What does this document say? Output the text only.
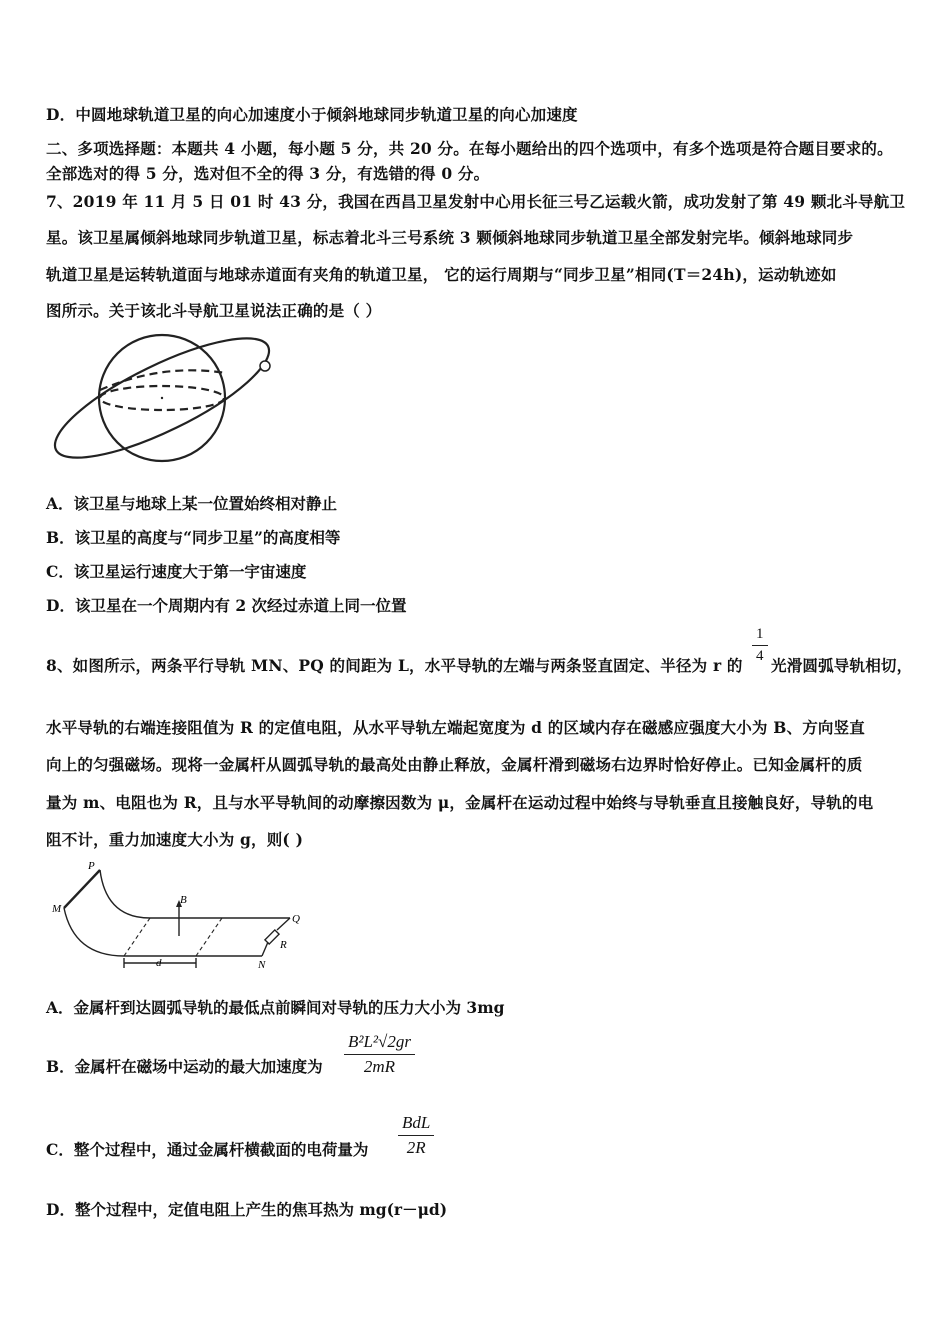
D．中圆地球轨道卫星的向心加速度小于倾斜地球同步轨道卫星的向心加速度
二、多项选择题：本题共 4 小题，每小题 5 分，共 20 分。在每小题给出的四个选项中，有多个选项是符合题目要求的。
全部选对的得 5 分，选对但不全的得 3 分，有选错的得 0 分。
7、2019 年 11 月 5 日 01 时 43 分，我国在西昌卫星发射中心用长征三号乙运载火箭，成功发射了第 49 颗北斗导航卫
星。该卫星属倾斜地球同步轨道卫星，标志着北斗三号系统 3 颗倾斜地球同步轨道卫星全部发射完毕。倾斜地球同步
轨道卫星是运转轨道面与地球赤道面有夹角的轨道卫星， 它的运行周期与“同步卫星”相同(T＝24h)，运动轨迹如
图所示。关于该北斗导航卫星说法正确的是（ ）
A．该卫星与地球上某一位置始终相对静止
B．该卫星的高度与“同步卫星”的高度相等
C．该卫星运行速度大于第一宇宙速度
D．该卫星在一个周期内有 2 次经过赤道上同一位置
8、如图所示，两条平行导轨 MN、PQ 的间距为 L，水平导轨的左端与两条竖直固定、半径为 r 的
$\frac{1}{4}$
光滑圆弧导轨相切，
水平导轨的右端连接阻值为 R 的定值电阻，从水平导轨左端起宽度为 d 的区域内存在磁感应强度大小为 B、方向竖直
向上的匀强磁场。现将一金属杆从圆弧导轨的最高处由静止释放，金属杆滑到磁场右边界时恰好停止。已知金属杆的质
量为 m、电阻也为 R，且与水平导轨间的动摩擦因数为 μ，金属杆在运动过程中始终与导轨垂直且接触良好，导轨的电
阻不计，重力加速度大小为 g，则( )
P
M
Q
N
R
B
d
A．金属杆到达圆弧导轨的最低点前瞬间对导轨的压力大小为 3mg
B．金属杆在磁场中运动的最大加速度为 $\frac{\text{B²L²√2gr}}{2mR}$
C．整个过程中，通过金属杆横截面的电荷量为
BdL
2R
D．整个过程中，定值电阻上产生的焦耳热为 mg(r－μd)
